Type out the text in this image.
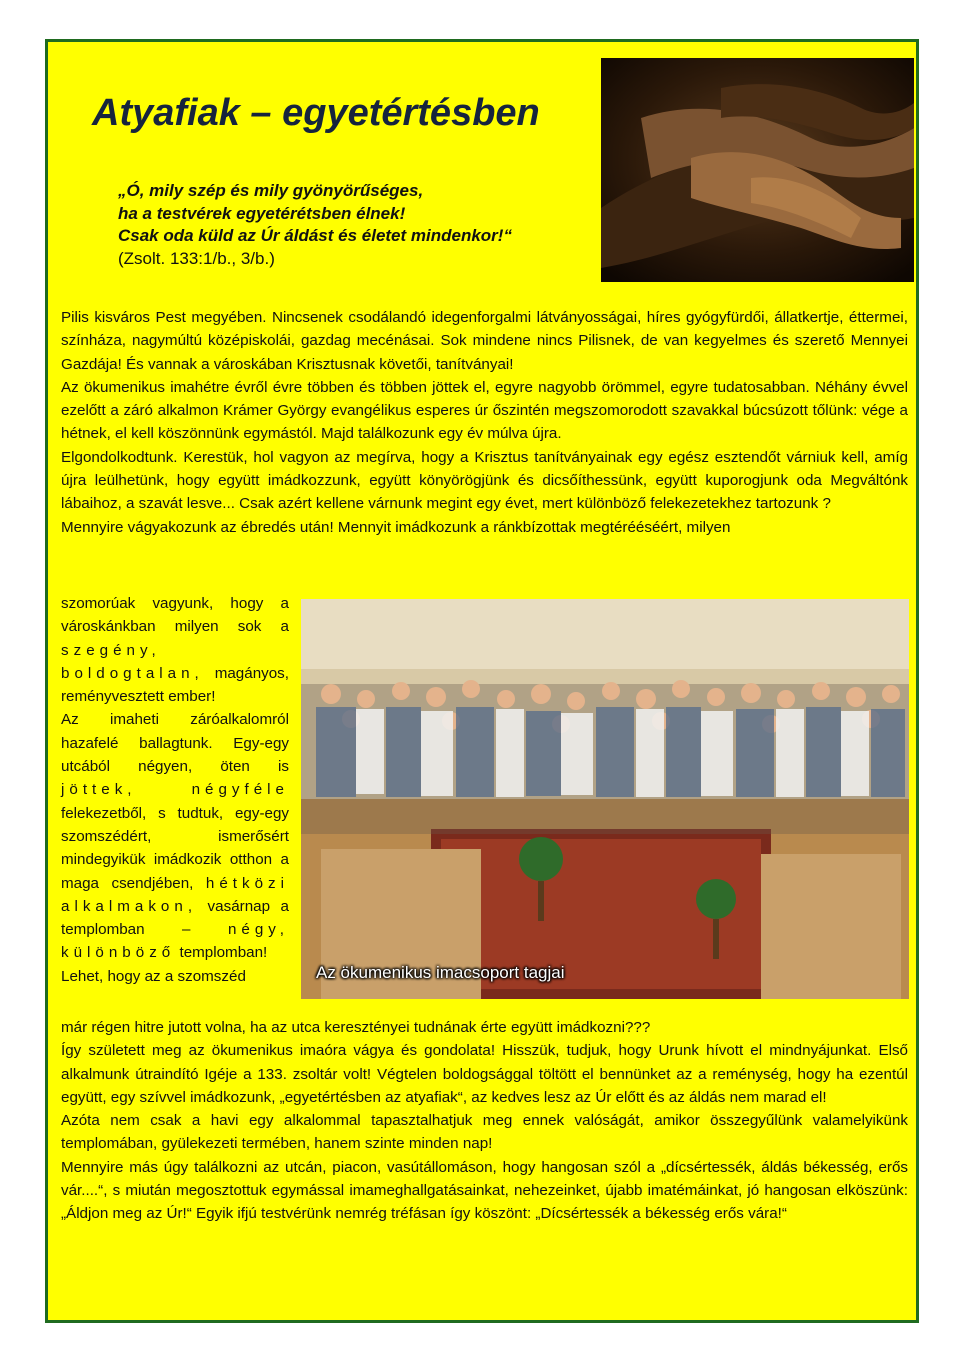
Atyafiak – egyetértésben
„Ó, mily szép és mily gyönyörűséges,
ha a testvérek egyetérétsben élnek!
Csak oda küld az Úr áldást és életet mindenkor!“
(Zsolt. 133:1/b., 3/b.)
Pilis kisváros Pest megyében. Nincsenek csodálandó idegenforgalmi látványosságai, híres gyógyfürdői, állatkertje, éttermei, színháza, nagymúltú középiskolái, gazdag mecénásai. Sok mindene nincs Pilisnek, de van kegyelmes és szerető Mennyei Gazdája! És vannak a városkában Krisztusnak követői, tanítványai!
Az ökumenikus imahétre évről évre többen és többen jöttek el, egyre nagyobb örömmel, egyre tudatosabban. Néhány évvel ezelőtt a záró alkalmon Krámer György evangélikus esperes úr őszintén megszomorodott szavakkal búcsúzott tőlünk: vége a hétnek, el kell köszönnünk egymástól. Majd találkozunk egy év múlva újra.
Elgondolkodtunk. Kerestük, hol vagyon az megírva, hogy a Krisztus tanítványainak egy egész esztendőt várniuk kell, amíg újra leülhetünk, hogy együtt imádkozzunk, együtt könyörögjünk és dicsőíthessünk, együtt kuporogjunk oda Megváltónk lábaihoz, a szavát lesve... Csak azért kellene várnunk megint egy évet, mert különböző felekezetekhez tartozunk ?
Mennyire vágyakozunk az ébredés után! Mennyit imádkozunk a ránkbízottak megtérééséért, milyen
szomorúak vagyunk, hogy a városkánkban milyen sok a szegény, boldogtalan, magányos, reményvesztett ember!
Az imaheti záróalkalomról hazafelé ballagtunk. Egy-egy utcából négyen, öten is jöttek, négyféle felekezetből, s tudtuk, egy-egy szomszédért, ismerősért mindegyikük imádkozik otthon a maga csendjében, hétközi alkalmakon, vasárnap a templomban – négy, különböző templomban!
Lehet, hogy az a szomszéd	Az ökumenikus imacsoport tagjai
már régen hitre jutott volna, ha az utca keresztényei tudnának érte együtt imádkozni???
Így született meg az ökumenikus imaóra vágya és gondolata! Hisszük, tudjuk, hogy Urunk hívott el mindnyájunkat. Első alkalmunk útraindító Igéje a 133. zsoltár volt! Végtelen boldogsággal töltött el bennünket az a reménység, hogy ha ezentúl együtt, egy szívvel imádkozunk, „egyetértésben az atyafiak“, az kedves lesz az Úr előtt és az áldás nem marad el!
Azóta nem csak a havi egy alkalommal tapasztalhatjuk meg ennek valóságát, amikor összegyűlünk valamelyikünk templomában, gyülekezeti termében, hanem szinte minden nap!
Mennyire más úgy találkozni az utcán, piacon, vasútállomáson, hogy hangosan szól a „dícsértessék, áldás békesség, erős vár....“, s miután megosztottuk egymással imameghallgatásainkat, nehezeinket, újabb imatémáinkat, jó hangosan elköszünk: „Áldjon meg az Úr!“ Egyik ifjú testvérünk nemrég tréfásan így köszönt: „Dícsértessék a békesség erős vára!“
